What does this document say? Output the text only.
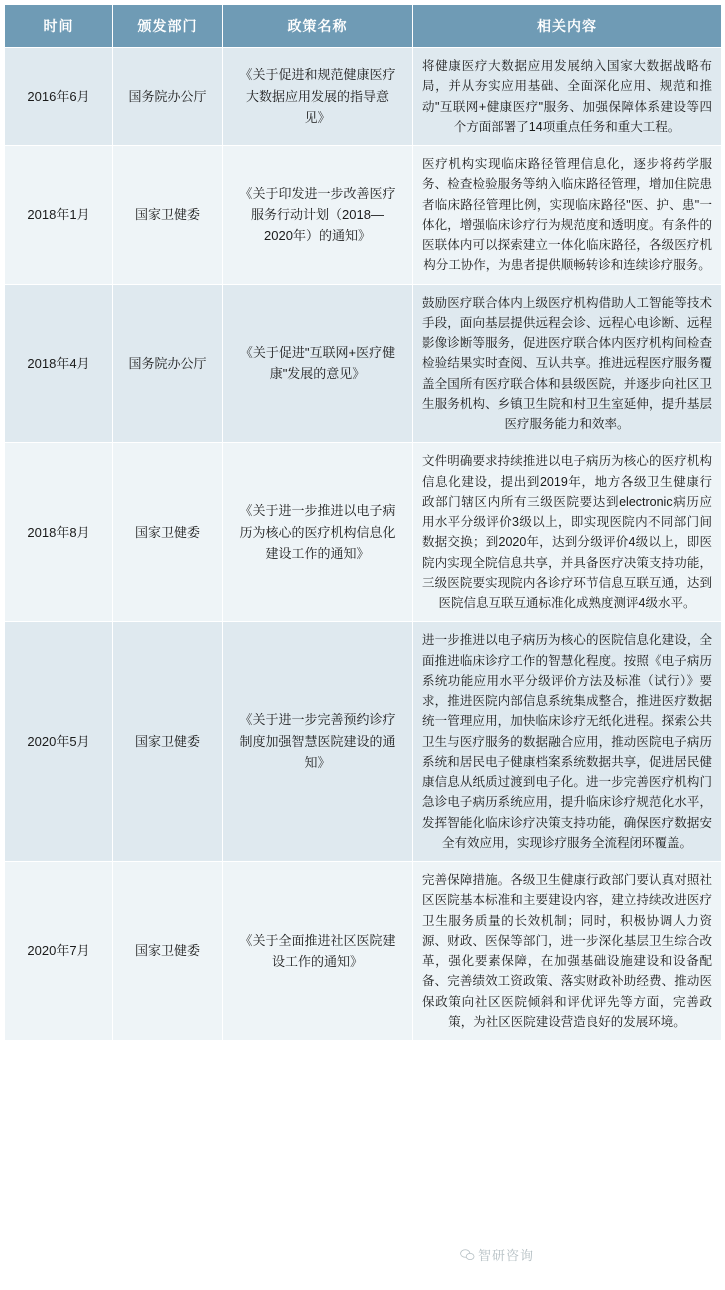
时间	颁发部门	政策名称	相关内容
2016年6月	国务院办公厅	《关于促进和规范健康医疗大数据应用发展的指导意见》	将健康医疗大数据应用发展纳入国家大数据战略布局，并从夯实应用基础、全面深化应用、规范和推动"互联网+健康医疗"服务、加强保障体系建设等四个方面部署了14项重点任务和重大工程。
2018年1月	国家卫健委	《关于印发进一步改善医疗服务行动计划（2018—2020年）的通知》	医疗机构实现临床路径管理信息化，逐步将药学服务、检查检验服务等纳入临床路径管理，增加住院患者临床路径管理比例，实现临床路径"医、护、患"一体化，增强临床诊疗行为规范度和透明度。有条件的医联体内可以探索建立一体化临床路径，各级医疗机构分工协作，为患者提供顺畅转诊和连续诊疗服务。
2018年4月	国务院办公厅	《关于促进"互联网+医疗健康"发展的意见》	鼓励医疗联合体内上级医疗机构借助人工智能等技术手段，面向基层提供远程会诊、远程心电诊断、远程影像诊断等服务，促进医疗联合体内医疗机构间检查检验结果实时查阅、互认共享。推进远程医疗服务覆盖全国所有医疗联合体和县级医院，并逐步向社区卫生服务机构、乡镇卫生院和村卫生室延伸，提升基层医疗服务能力和效率。
2018年8月	国家卫健委	《关于进一步推进以电子病历为核心的医疗机构信息化建设工作的通知》	文件明确要求持续推进以电子病历为核心的医疗机构信息化建设，提出到2019年，地方各级卫生健康行政部门辖区内所有三级医院要达到electronic病历应用水平分级评价3级以上，即实现医院内不同部门间数据交换；到2020年，达到分级评价4级以上，即医院内实现全院信息共享，并具备医疗决策支持功能，三级医院要实现院内各诊疗环节信息互联互通，达到医院信息互联互通标准化成熟度测评4级水平。
2020年5月	国家卫健委	《关于进一步完善预约诊疗制度加强智慧医院建设的通知》	进一步推进以电子病历为核心的医院信息化建设，全面推进临床诊疗工作的智慧化程度。按照《电子病历系统功能应用水平分级评价方法及标准（试行）》要求，推进医院内部信息系统集成整合，推进医疗数据统一管理应用，加快临床诊疗无纸化进程。探索公共卫生与医疗服务的数据融合应用，推动医院电子病历系统和居民电子健康档案系统数据共享，促进居民健康信息从纸质过渡到电子化。进一步完善医疗机构门急诊电子病历系统应用，提升临床诊疗规范化水平，发挥智能化临床诊疗决策支持功能，确保医疗数据安全有效应用，实现诊疗服务全流程闭环覆盖。
2020年7月	国家卫健委	《关于全面推进社区医院建设工作的通知》	完善保障措施。各级卫生健康行政部门要认真对照社区医院基本标准和主要建设内容，建立持续改进医疗卫生服务质量的长效机制；同时，积极协调人力资源、财政、医保等部门，进一步深化基层卫生综合改革，强化要素保障，在加强基础设施建设和设备配备、完善绩效工资政策、落实财政补助经费、推动医保政策向社区医院倾斜和评优评先等方面，完善政策，为社区医院建设营造良好的发展环境。
智研咨询
